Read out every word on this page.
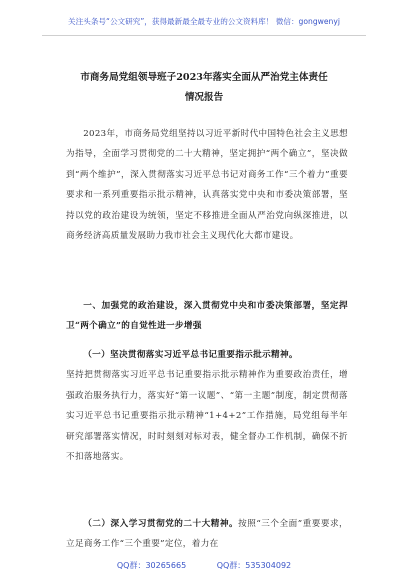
关注头条号“公文研究”，获得最新最全最专业的公文资料库！ 微信：gongwenyj
市商务局党组领导班子2023年落实全面从严治党主体责任
情况报告

2023年，市商务局党组坚持以习近平新时代中国特色社会主义思想为指导，全面学习贯彻党的二十大精神，坚定拥护“两个确立”，坚决做到“两个维护”，深入贯彻落实习近平总书记对商务工作“三个着力”重要要求和一系列重要指示批示精神，认真落实党中央和市委决策部署，坚持以党的政治建设为统领，坚定不移推进全面从严治党向纵深推进，以商务经济高质量发展助力我市社会主义现代化大都市建设。

一、加强党的政治建设，深入贯彻党中央和市委决策部署，坚定捍卫“两个确立”的自觉性进一步增强

（一）坚决贯彻落实习近平总书记重要指示批示精神。

坚持把贯彻落实习近平总书记重要指示批示精神作为重要政治责任，增强政治服务执行力，落实好“第一议题”、“第一主题”制度，制定贯彻落实习近平总书记重要指示批示精神“1+4+2”工作措施，局党组每半年研究部署落实情况，时时刻刻对标对表，健全督办工作机制，确保不折不扣落地落实。

（二）深入学习贯彻党的二十大精神。按照“三个全面”重要要求，立足商务工作“三个重要”定位，着力在

QQ群：30265665	QQ群：535304092
